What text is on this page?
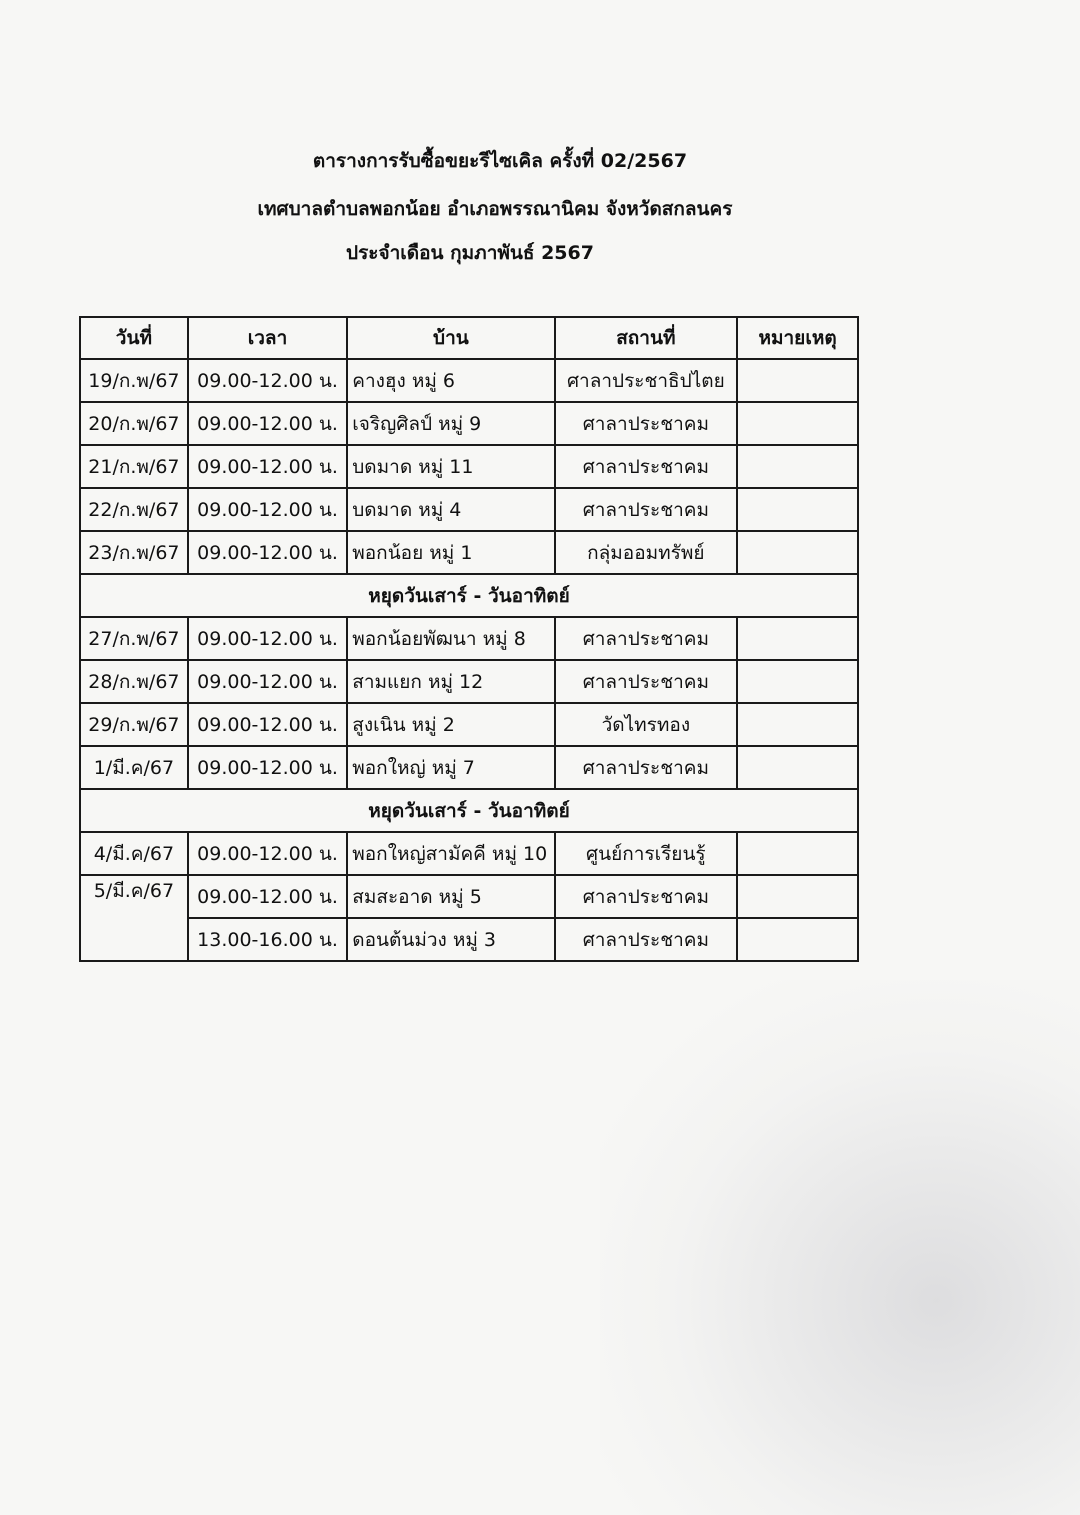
ตารางการรับซื้อขยะรีไซเคิล ครั้งที่ 02/2567

เทศบาลตำบลพอกน้อย อำเภอพรรณานิคม จังหวัดสกลนคร

ประจำเดือน กุมภาพันธ์ 2567

วันที่	เวลา	บ้าน	สถานที่	หมายเหตุ
19/ก.พ/67	09.00-12.00 น.	คางฮุง หมู่ 6	ศาลาประชาธิปไตย	
20/ก.พ/67	09.00-12.00 น.	เจริญศิลป์ หมู่ 9	ศาลาประชาคม	
21/ก.พ/67	09.00-12.00 น.	บดมาด หมู่ 11	ศาลาประชาคม	
22/ก.พ/67	09.00-12.00 น.	บดมาด หมู่ 4	ศาลาประชาคม	
23/ก.พ/67	09.00-12.00 น.	พอกน้อย หมู่ 1	กลุ่มออมทรัพย์	
หยุดวันเสาร์ - วันอาทิตย์				
27/ก.พ/67	09.00-12.00 น.	พอกน้อยพัฒนา หมู่ 8	ศาลาประชาคม	
28/ก.พ/67	09.00-12.00 น.	สามแยก หมู่ 12	ศาลาประชาคม	
29/ก.พ/67	09.00-12.00 น.	สูงเนิน หมู่ 2	วัดไทรทอง	
1/มี.ค/67	09.00-12.00 น.	พอกใหญ่ หมู่ 7	ศาลาประชาคม	
หยุดวันเสาร์ - วันอาทิตย์				
4/มี.ค/67	09.00-12.00 น.	พอกใหญ่สามัคคี หมู่ 10	ศูนย์การเรียนรู้	
5/มี.ค/67	09.00-12.00 น.	สมสะอาด หมู่ 5	ศาลาประชาคม	
	13.00-16.00 น.	ดอนต้นม่วง หมู่ 3	ศาลาประชาคม	
